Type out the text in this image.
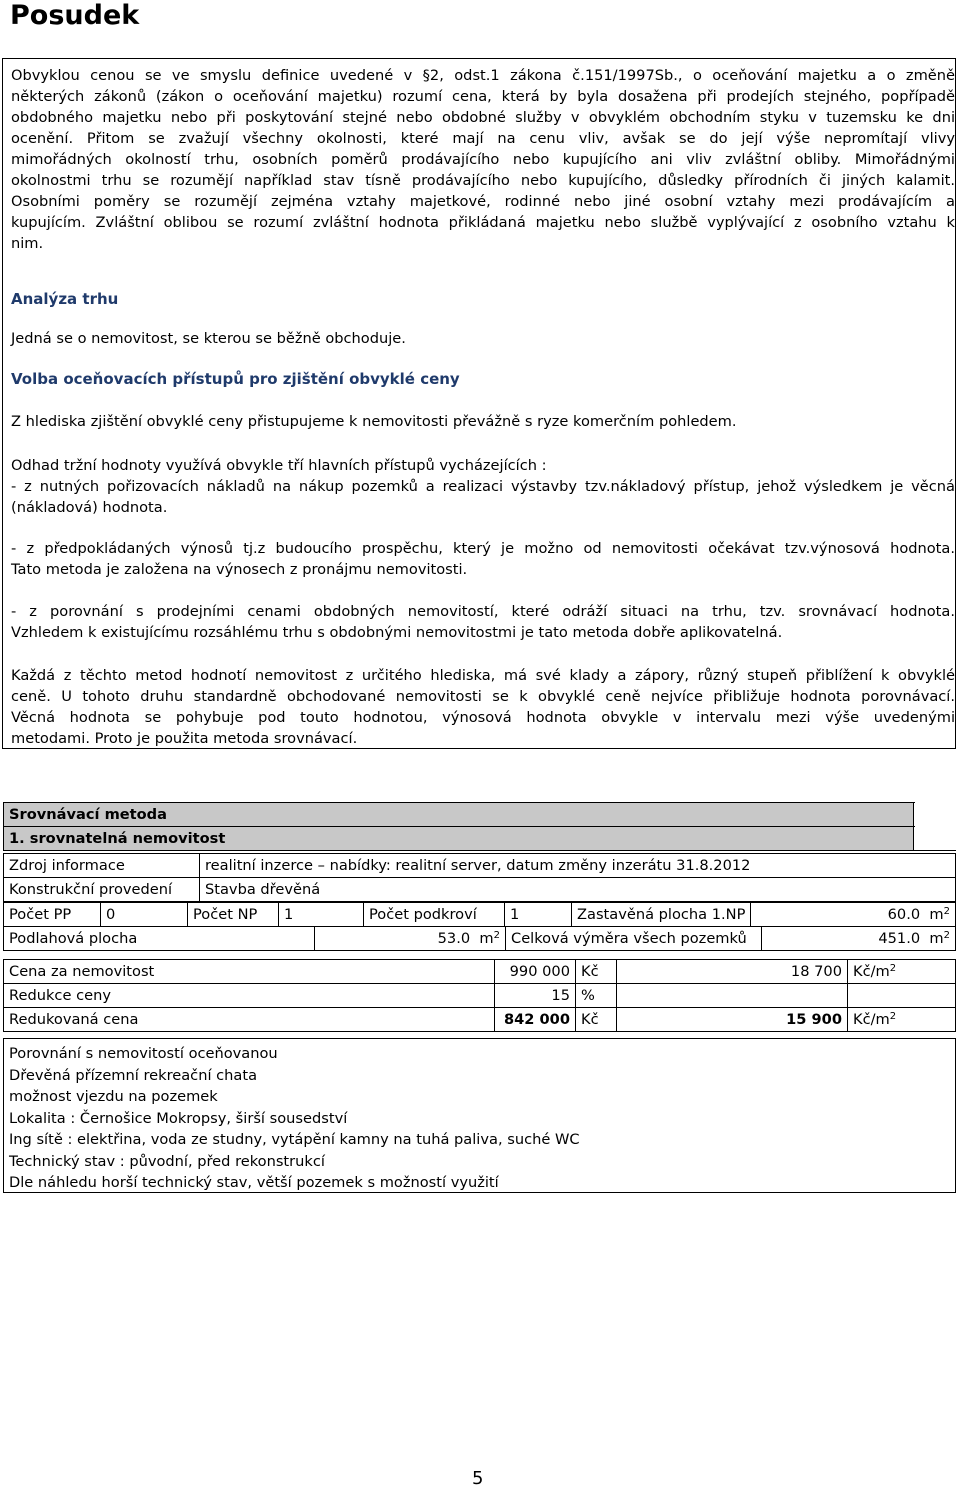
Posudek
Obvyklou cenou se ve smyslu definice uvedené v §2, odst.1 zákona č.151/1997Sb., o oceňování majetku a o změně
některých zákonů (zákon o oceňování majetku) rozumí cena, která by byla dosažena při prodejích stejného, popřípadě
obdobného majetku nebo při poskytování stejné nebo obdobné služby v obvyklém obchodním styku v tuzemsku ke dni
ocenění. Přitom se zvažují všechny okolnosti, které mají na cenu vliv, avšak se do její výše nepromítají vlivy
mimořádných okolností trhu, osobních poměrů prodávajícího nebo kupujícího ani vliv zvláštní obliby. Mimořádnými
okolnostmi trhu se rozumějí například stav tísně prodávajícího nebo kupujícího, důsledky přírodních či jiných kalamit.
Osobními poměry se rozumějí zejména vztahy majetkové, rodinné nebo jiné osobní vztahy mezi prodávajícím a
kupujícím. Zvláštní oblibou se rozumí zvláštní hodnota přikládaná majetku nebo službě vyplývající z osobního vztahu k
nim.
Analýza trhu
Jedná se o nemovitost, se kterou se běžně obchoduje.
Volba oceňovacích přístupů pro zjištění obvyklé ceny
Z hlediska zjištění obvyklé ceny přistupujeme k nemovitosti převážně s ryze komerčním pohledem.
Odhad tržní hodnoty využívá obvykle tří hlavních přístupů vycházejících :
- z nutných pořizovacích nákladů na nákup pozemků a realizaci výstavby tzv.nákladový přístup, jehož výsledkem je věcná
(nákladová) hodnota.
- z předpokládaných výnosů tj.z budoucího prospěchu, který je možno od nemovitosti očekávat tzv.výnosová hodnota.
Tato metoda je založena na výnosech z pronájmu nemovitosti.
- z porovnání s prodejními cenami obdobných nemovitostí, které odráží situaci na trhu, tzv. srovnávací hodnota.
Vzhledem k existujícímu rozsáhlému trhu s obdobnými nemovitostmi je tato metoda dobře aplikovatelná.
Každá z těchto metod hodnotí nemovitost z určitého hlediska, má své klady a zápory, různý stupeň přiblížení k obvyklé
ceně. U tohoto druhu standardně obchodované nemovitosti se k obvyklé ceně nejvíce přibližuje hodnota porovnávací.
Věcná hodnota se pohybuje pod touto hodnotou, výnosová hodnota obvykle v intervalu mezi výše uvedenými
metodami. Proto je použita metoda srovnávací.
Srovnávací metoda	
1. srovnatelná nemovitost	
Zdroj informace	realitní inzerce – nabídky: realitní server, datum změny inzerátu 31.8.2012
Konstrukční provedení	Stavba dřevěná
Počet PP	0	Počet NP	1	Počet podkroví	1	Zastavěná plocha 1.NP	60.0 $m^2$
Podlahová plocha	53.0 $m^2$	Celková výměra všech pozemků	451.0 $m^2$
Cena za nemovitost	990 000	Kč	18 700	$Kč/m^2$
Redukce ceny	15	%		
Redukovaná cena	842 000	Kč	15 900	$Kč/m^2$
Porovnání s nemovitostí oceňovanou
Dřevěná přízemní rekreační chata
možnost vjezdu na pozemek
Lokalita : Černošice Mokropsy, širší sousedství
Ing sítě : elektřina, voda ze studny, vytápění kamny na tuhá paliva, suché WC
Technický stav : původní, před rekonstrukcí
Dle náhledu horší technický stav, větší pozemek s možností využití
5
